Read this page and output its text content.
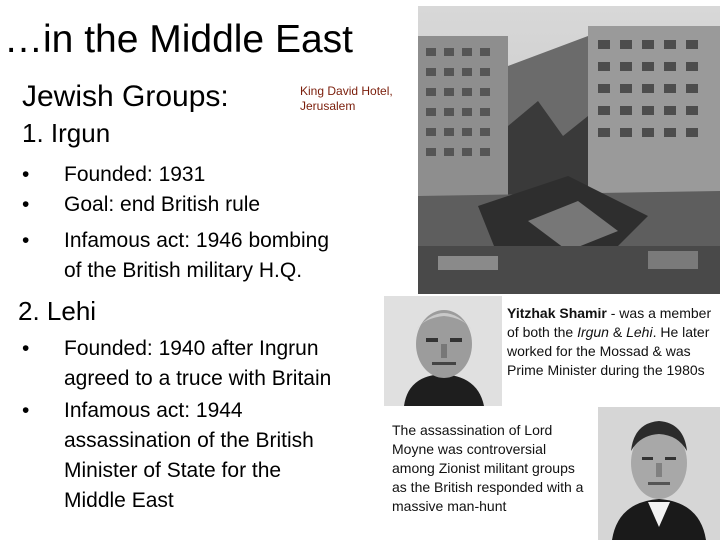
…in the Middle East
Jewish Groups:	King David Hotel,
Jerusalem
1. Irgun
• Founded: 1931
• Goal: end British rule
• Infamous act: 1946 bombing
of the British military H.Q.
2. Lehi
• Founded: 1940 after Ingrun
agreed to a truce with Britain
• Infamous act: 1944
assassination of the British
Minister of State for the
Middle East
Yitzhak Shamir - was a member of both the Irgun & Lehi. He later worked for the Mossad & was Prime Minister during the 1980s
The assassination of Lord Moyne was controversial among Zionist militant groups as the British responded with a massive man-hunt
